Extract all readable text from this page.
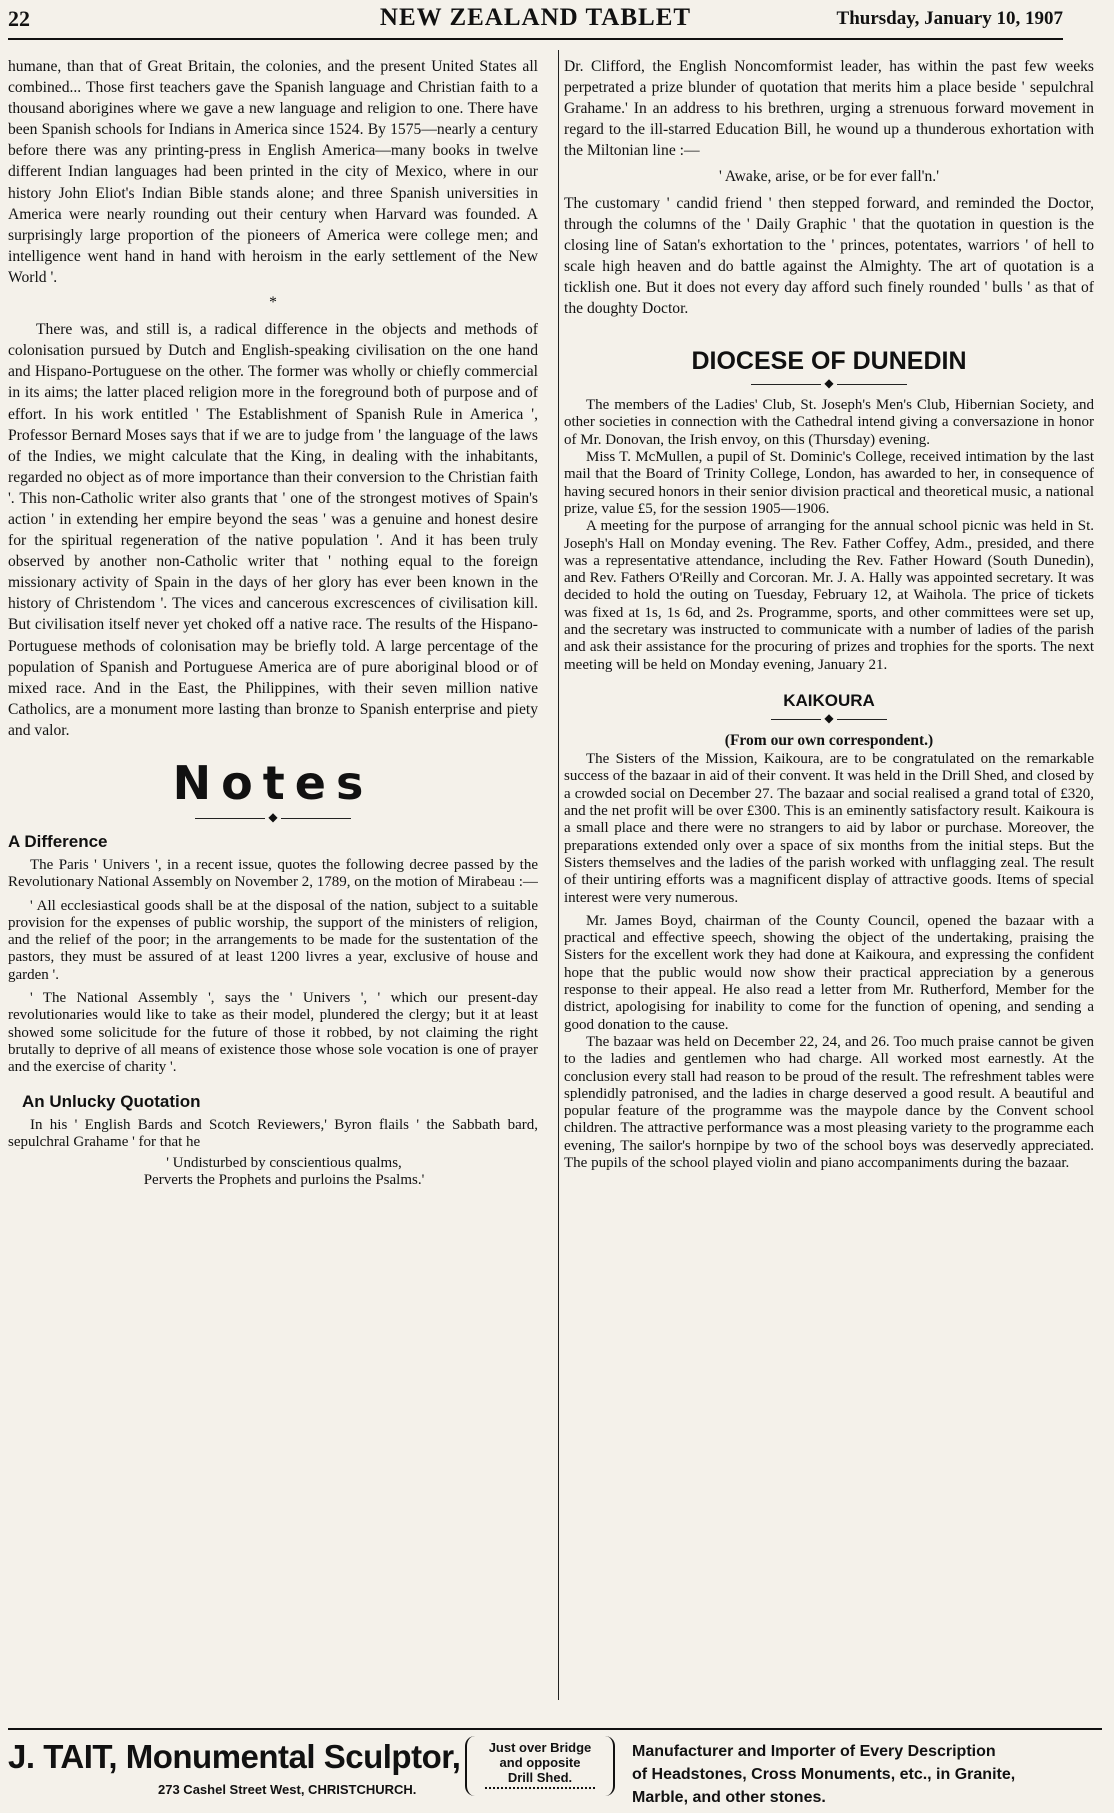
22	NEW ZEALAND TABLET	Thursday, January 10, 1907

humane, than that of Great Britain, the colonies, and the present United States all combined... Those first teachers gave the Spanish language and Christian faith to a thousand aborigines where we gave a new language and religion to one. There have been Spanish schools for Indians in America since 1524. By 1575—nearly a century before there was any printing-press in English America—many books in twelve different Indian languages had been printed in the city of Mexico, where in our history John Eliot's Indian Bible stands alone; and three Spanish universities in America were nearly rounding out their century when Harvard was founded. A surprisingly large proportion of the pioneers of America were college men; and intelligence went hand in hand with heroism in the early settlement of the New World '.

*

There was, and still is, a radical difference in the objects and methods of colonisation pursued by Dutch and English-speaking civilisation on the one hand and Hispano-Portuguese on the other. The former was wholly or chiefly commercial in its aims; the latter placed religion more in the foreground both of purpose and of effort. In his work entitled ' The Establishment of Spanish Rule in America ', Professor Bernard Moses says that if we are to judge from ' the language of the laws of the Indies, we might calculate that the King, in dealing with the inhabitants, regarded no object as of more importance than their conversion to the Christian faith '. This non-Catholic writer also grants that ' one of the strongest motives of Spain's action ' in extending her empire beyond the seas ' was a genuine and honest desire for the spiritual regeneration of the native population '. And it has been truly observed by another non-Catholic writer that ' nothing equal to the foreign missionary activity of Spain in the days of her glory has ever been known in the history of Christendom '. The vices and cancerous excrescences of civilisation kill. But civilisation itself never yet choked off a native race. The results of the Hispano-Portuguese methods of colonisation may be briefly told. A large percentage of the population of Spanish and Portuguese America are of pure aboriginal blood or of mixed race. And in the East, the Philippines, with their seven million native Catholics, are a monument more lasting than bronze to Spanish enterprise and piety and valor.

Notes
◆
A Difference

The Paris ' Univers ', in a recent issue, quotes the following decree passed by the Revolutionary National Assembly on November 2, 1789, on the motion of Mirabeau :—

' All ecclesiastical goods shall be at the disposal of the nation, subject to a suitable provision for the expenses of public worship, the support of the ministers of religion, and the relief of the poor; in the arrangements to be made for the sustentation of the pastors, they must be assured of at least 1200 livres a year, exclusive of house and garden '.

' The National Assembly ', says the ' Univers ', ' which our present-day revolutionaries would like to take as their model, plundered the clergy; but it at least showed some solicitude for the future of those it robbed, by not claiming the right brutally to deprive of all means of existence those whose sole vocation is one of prayer and the exercise of charity '.

An Unlucky Quotation

In his ' English Bards and Scotch Reviewers,' Byron flails ' the Sabbath bard, sepulchral Grahame ' for that he

' Undisturbed by conscientious qualms,

Perverts the Prophets and purloins the Psalms.'

Dr. Clifford, the English Noncomformist leader, has within the past few weeks perpetrated a prize blunder of quotation that merits him a place beside ' sepulchral Grahame.' In an address to his brethren, urging a strenuous forward movement in regard to the ill-starred Education Bill, he wound up a thunderous exhortation with the Miltonian line :—

' Awake, arise, or be for ever fall'n.'

The customary ' candid friend ' then stepped forward, and reminded the Doctor, through the columns of the ' Daily Graphic ' that the quotation in question is the closing line of Satan's exhortation to the ' princes, potentates, warriors ' of hell to scale high heaven and do battle against the Almighty. The art of quotation is a ticklish one. But it does not every day afford such finely rounded ' bulls ' as that of the doughty Doctor.

DIOCESE OF DUNEDIN
◆

The members of the Ladies' Club, St. Joseph's Men's Club, Hibernian Society, and other societies in connection with the Cathedral intend giving a conversazione in honor of Mr. Donovan, the Irish envoy, on this (Thursday) evening.

Miss T. McMullen, a pupil of St. Dominic's College, received intimation by the last mail that the Board of Trinity College, London, has awarded to her, in consequence of having secured honors in their senior division practical and theoretical music, a national prize, value £5, for the session 1905—1906.

A meeting for the purpose of arranging for the annual school picnic was held in St. Joseph's Hall on Monday evening. The Rev. Father Coffey, Adm., presided, and there was a representative attendance, including the Rev. Father Howard (South Dunedin), and Rev. Fathers O'Reilly and Corcoran. Mr. J. A. Hally was appointed secretary. It was decided to hold the outing on Tuesday, February 12, at Waihola. The price of tickets was fixed at 1s, 1s 6d, and 2s. Programme, sports, and other committees were set up, and the secretary was instructed to communicate with a number of ladies of the parish and ask their assistance for the procuring of prizes and trophies for the sports. The next meeting will be held on Monday evening, January 21.

KAIKOURA
◆
(From our own correspondent.)

The Sisters of the Mission, Kaikoura, are to be congratulated on the remarkable success of the bazaar in aid of their convent. It was held in the Drill Shed, and closed by a crowded social on December 27. The bazaar and social realised a grand total of £320, and the net profit will be over £300. This is an eminently satisfactory result. Kaikoura is a small place and there were no strangers to aid by labor or purchase. Moreover, the preparations extended only over a space of six months from the initial steps. But the Sisters themselves and the ladies of the parish worked with unflagging zeal. The result of their untiring efforts was a magnificent display of attractive goods. Items of special interest were very numerous.

Mr. James Boyd, chairman of the County Council, opened the bazaar with a practical and effective speech, showing the object of the undertaking, praising the Sisters for the excellent work they had done at Kaikoura, and expressing the confident hope that the public would now show their practical appreciation by a generous response to their appeal. He also read a letter from Mr. Rutherford, Member for the district, apologising for inability to come for the function of opening, and sending a good donation to the cause.

The bazaar was held on December 22, 24, and 26. Too much praise cannot be given to the ladies and gentlemen who had charge. All worked most earnestly. At the conclusion every stall had reason to be proud of the result. The refreshment tables were splendidly patronised, and the ladies in charge deserved a good result. A beautiful and popular feature of the programme was the maypole dance by the Convent school children. The attractive performance was a most pleasing variety to the programme each evening, The sailor's hornpipe by two of the school boys was deservedly appreciated. The pupils of the school played violin and piano accompaniments during the bazaar.

J. TAIT, Monumental Sculptor,
273 Cashel Street West, CHRISTCHURCH.
Just over Bridge
and opposite
Drill Shed.
Manufacturer and Importer of Every Description
of Headstones, Cross Monuments, etc., in Granite,
Marble, and other stones.
